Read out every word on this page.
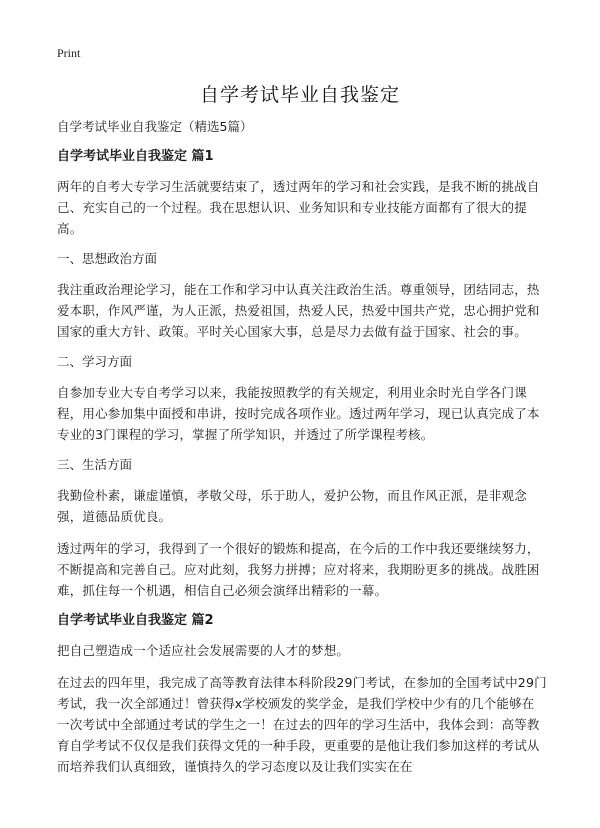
Print
自学考试毕业自我鉴定

自学考试毕业自我鉴定（精选5篇）

自学考试毕业自我鉴定 篇1

两年的自考大专学习生活就要结束了，透过两年的学习和社会实践，是我不断的挑战自己、充实自己的一个过程。我在思想认识、业务知识和专业技能方面都有了很大的提高。

一、思想政治方面

我注重政治理论学习，能在工作和学习中认真关注政治生活。尊重领导，团结同志，热爱本职，作风严谨，为人正派，热爱祖国，热爱人民，热爱中国共产党，忠心拥护党和国家的重大方针、政策。平时关心国家大事，总是尽力去做有益于国家、社会的事。

二、学习方面

自参加专业大专自考学习以来，我能按照教学的有关规定，利用业余时光自学各门课程，用心参加集中面授和串讲，按时完成各项作业。透过两年学习，现已认真完成了本专业的3门课程的学习，掌握了所学知识，并透过了所学课程考核。

三、生活方面

我勤俭朴素，谦虚谨慎，孝敬父母，乐于助人，爱护公物，而且作风正派，是非观念强，道德品质优良。

透过两年的学习，我得到了一个很好的锻炼和提高，在今后的工作中我还要继续努力，不断提高和完善自己。应对此刻，我努力拼搏；应对将来，我期盼更多的挑战。战胜困难，抓住每一个机遇，相信自己必须会演绎出精彩的一幕。

自学考试毕业自我鉴定 篇2

把自己塑造成一个适应社会发展需要的人才的梦想。

在过去的四年里，我完成了高等教育法律本科阶段29门考试，在参加的全国考试中29门考试，我一次全部通过！曾获得x学校颁发的奖学金，是我们学校中少有的几个能够在一次考试中全部通过考试的学生之一！在过去的四年的学习生活中，我体会到：高等教育自学考试不仅仅是我们获得文凭的一种手段，更重要的是他让我们参加这样的考试从而培养我们认真细致，谨慎持久的学习态度以及让我们实实在在
